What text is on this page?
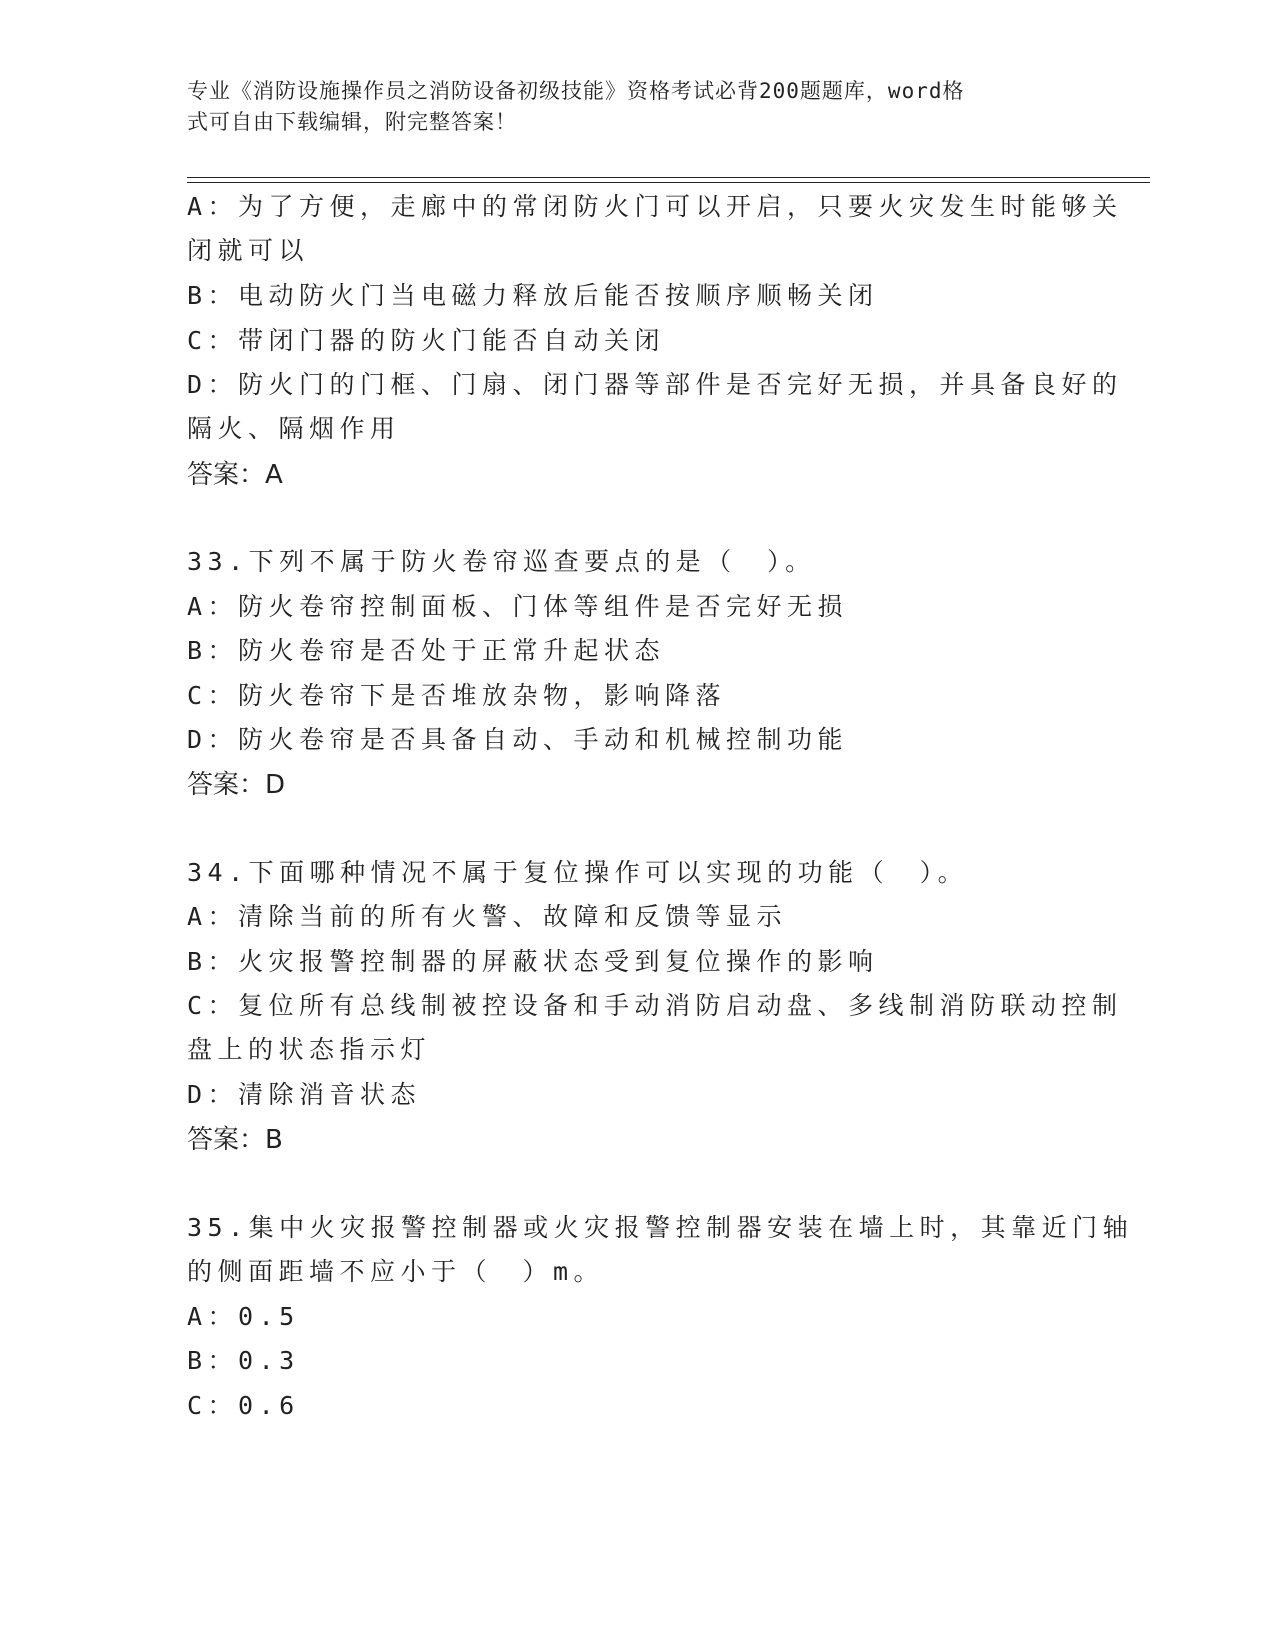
专业《消防设施操作员之消防设备初级技能》资格考试必背200题题库，word格
式可自由下载编辑，附完整答案！
A：为了方便，走廊中的常闭防火门可以开启，只要火灾发生时能够关
闭就可以
B：电动防火门当电磁力释放后能否按顺序顺畅关闭
C：带闭门器的防火门能否自动关闭
D：防火门的门框、门扇、闭门器等部件是否完好无损，并具备良好的
隔火、隔烟作用
答案：A
33.下列不属于防火卷帘巡查要点的是（　）。
A：防火卷帘控制面板、门体等组件是否完好无损
B：防火卷帘是否处于正常升起状态
C：防火卷帘下是否堆放杂物，影响降落
D：防火卷帘是否具备自动、手动和机械控制功能
答案：D
34.下面哪种情况不属于复位操作可以实现的功能（　）。
A：清除当前的所有火警、故障和反馈等显示
B：火灾报警控制器的屏蔽状态受到复位操作的影响
C：复位所有总线制被控设备和手动消防启动盘、多线制消防联动控制
盘上的状态指示灯
D：清除消音状态
答案：B
35.集中火灾报警控制器或火灾报警控制器安装在墙上时，其靠近门轴
的侧面距墙不应小于（　）m。
A：0.5
B：0.3
C：0.6
